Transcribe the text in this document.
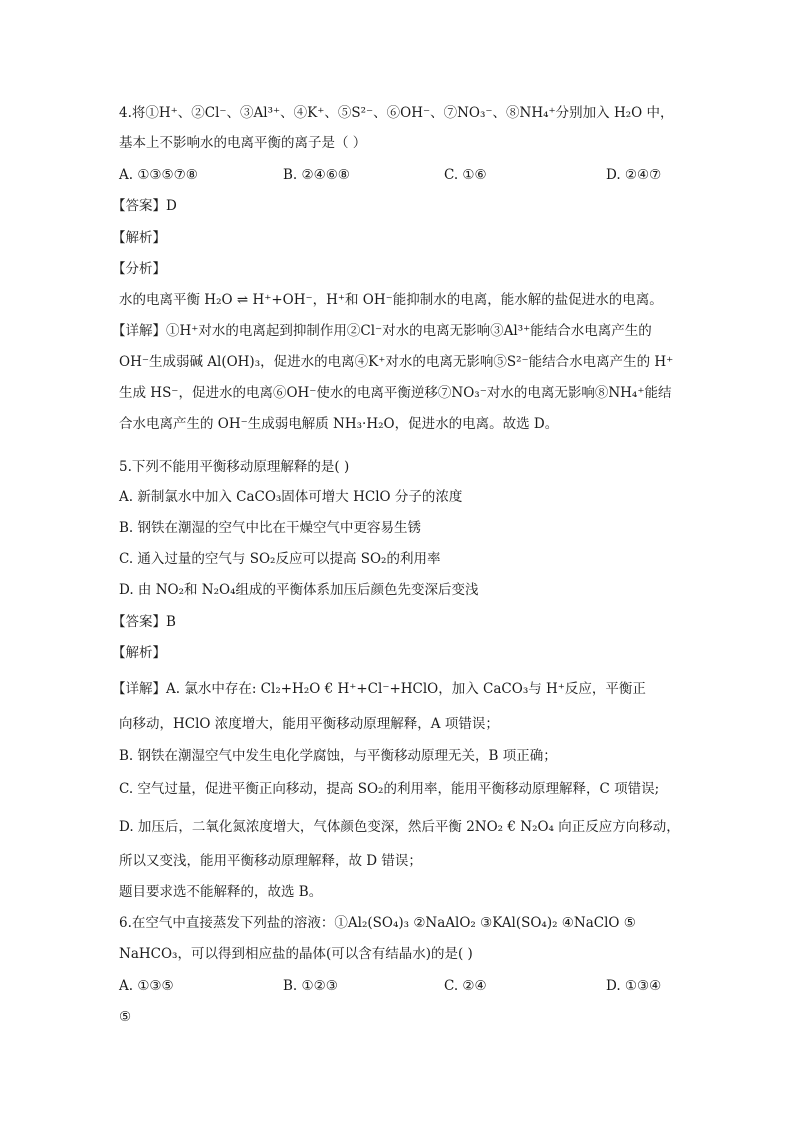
4.将①H⁺、②Cl⁻、③Al³⁺、④K⁺、⑤S²⁻、⑥OH⁻、⑦NO₃⁻、⑧NH₄⁺分别加入 H₂O 中，
基本上不影响水的电离平衡的离子是（ ）
A. ①③⑤⑦⑧	B. ②④⑥⑧	C. ①⑥	D. ②④⑦
【答案】D
【解析】
【分析】
水的电离平衡 H₂O ⇌ H⁺+OH⁻，H⁺和 OH⁻能抑制水的电离，能水解的盐促进水的电离。
【详解】①H⁺对水的电离起到抑制作用②Cl⁻对水的电离无影响③Al³⁺能结合水电离产生的
OH⁻生成弱碱 Al(OH)₃，促进水的电离④K⁺对水的电离无影响⑤S²⁻能结合水电离产生的 H⁺
生成 HS⁻，促进水的电离⑥OH⁻使水的电离平衡逆移⑦NO₃⁻对水的电离无影响⑧NH₄⁺能结
合水电离产生的 OH⁻生成弱电解质 NH₃·H₂O，促进水的电离。故选 D。
5.下列不能用平衡移动原理解释的是( )
A. 新制氯水中加入 CaCO₃固体可增大 HClO 分子的浓度
B. 钢铁在潮湿的空气中比在干燥空气中更容易生锈
C. 通入过量的空气与 SO₂反应可以提高 SO₂的利用率
D. 由 NO₂和 N₂O₄组成的平衡体系加压后颜色先变深后变浅
【答案】B
【解析】
【详解】A. 氯水中存在: Cl₂+H₂O € H⁺+Cl⁻+HClO，加入 CaCO₃与 H⁺反应，平衡正
向移动，HClO 浓度增大，能用平衡移动原理解释，A 项错误；
B. 钢铁在潮湿空气中发生电化学腐蚀，与平衡移动原理无关，B 项正确；
C. 空气过量，促进平衡正向移动，提高 SO₂的利用率，能用平衡移动原理解释，C 项错误;
D. 加压后，二氧化氮浓度增大，气体颜色变深，然后平衡 2NO₂ € N₂O₄ 向正反应方向移动，
所以又变浅，能用平衡移动原理解释，故 D 错误；
题目要求选不能解释的，故选 B。
6.在空气中直接蒸发下列盐的溶液：①Al₂(SO₄)₃ ②NaAlO₂ ③KAl(SO₄)₂ ④NaClO ⑤
NaHCO₃，可以得到相应盐的晶体(可以含有结晶水)的是( )
A. ①③⑤	B. ①②③	C. ②④	D. ①③④
⑤
